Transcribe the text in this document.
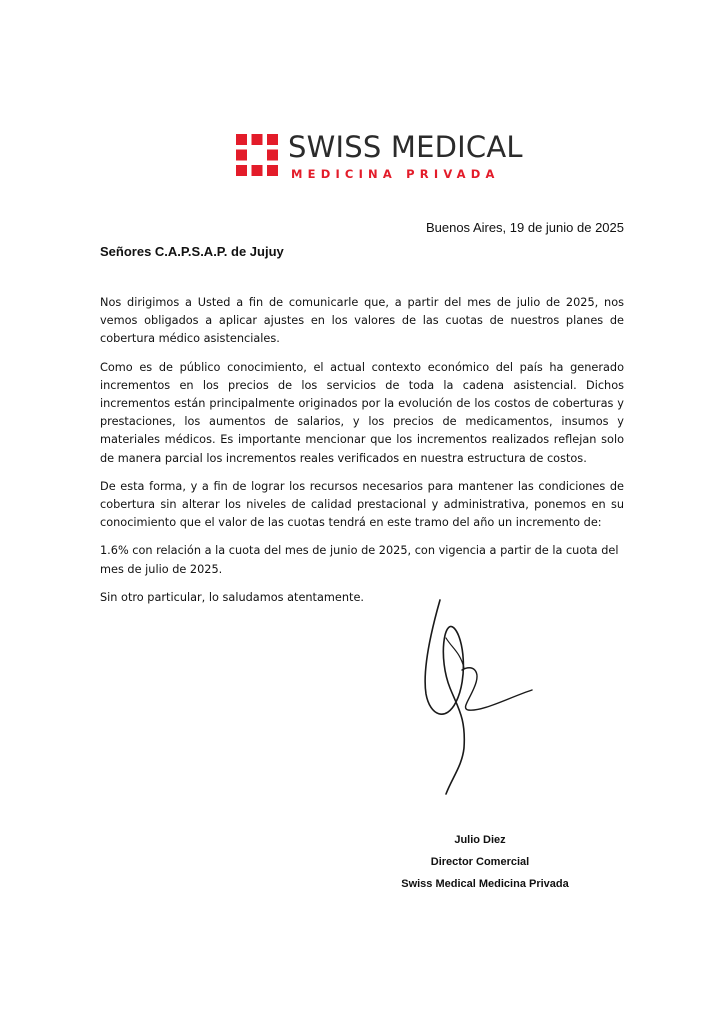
SWISS MEDICAL
MEDICINA PRIVADA
Buenos Aires, 19 de junio de 2025
Señores C.A.P.S.A.P. de Jujuy

Nos dirigimos a Usted a fin de comunicarle que, a partir del mes de julio de 2025, nos vemos obligados a aplicar ajustes en los valores de las cuotas de nuestros planes de cobertura médico asistenciales.

Como es de público conocimiento, el actual contexto económico del país ha generado incrementos en los precios de los servicios de toda la cadena asistencial. Dichos incrementos están principalmente originados por la evolución de los costos de coberturas y prestaciones, los aumentos de salarios, y los precios de medicamentos, insumos y materiales médicos. Es importante mencionar que los incrementos realizados reflejan solo de manera parcial los incrementos reales verificados en nuestra estructura de costos.

De esta forma, y a fin de lograr los recursos necesarios para mantener las condiciones de cobertura sin alterar los niveles de calidad prestacional y administrativa, ponemos en su conocimiento que el valor de las cuotas tendrá en este tramo del año un incremento de:

1.6% con relación a la cuota del mes de junio de 2025, con vigencia a partir de la cuota del mes de julio de 2025.

Sin otro particular, lo saludamos atentamente.

Julio Diez
Director Comercial
Swiss Medical Medicina Privada
